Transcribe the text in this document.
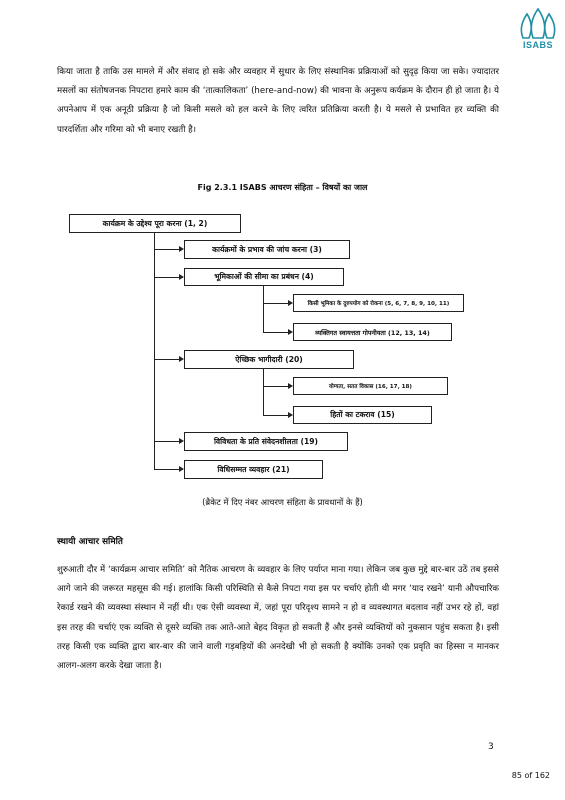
ISABS

किया जाता है ताकि उस मामले में और संवाद हो सके और व्यवहार में सुधार के लिए संस्थानिक प्रक्रियाओं को सुदृढ़ किया जा सके। ज्यादातर मसलों का संतोषजनक निपटारा हमारे काम की ‘तात्कालिकता’ (here-and-now) की भावना के अनुरूप कर्यक्रम के दौरान ही हो जाता है। ये अपनेआप में एक अनूठी प्रक्रिया है जो किसी मसले को हल करने के लिए त्वरित प्रतिक्रिया करती है। ये मसले से प्रभावित हर व्यक्ति की पारदर्शिता और गरिमा को भी बनाए रखती है।

Fig 2.3.1 ISABS आचरण संहिता – विषयों का जाल
कार्यक्रम के उद्देश्य पूरा करना (1, 2)
कार्यक्रमों के प्रभाव की जांच करना (3)
भूमिकाओं की सीमा का प्रबंधन (4)
किसी भूमिका के दुरुपयोग को रोकना (5, 6, 7, 8, 9, 10, 11)
व्यक्तिगत स्वायत्तता गोपनीयता (12, 13, 14)
ऐच्छिक भागीदारी (20)
योग्यता, सतत विकास (16, 17, 18)
हितों का टकराव (15)
विविधता के प्रति संवेदनशीलता (19)
विधिसम्मत व्यवहार (21)
(ब्रैकेट में दिए नंबर आचरण संहिता के प्रावधानों के हैं)
स्थायी आचार समिति

शुरुआती दौर में ‘कार्यक्रम आचार समिति’ को नैतिक आचरण के व्यवहार के लिए पर्याप्त माना गया। लेकिन जब कुछ मुद्दे बार-बार उठें तब इससे आगे जाने की जरूरत महसूस की गई। हालांकि किसी परिस्थिति से कैसे निपटा गया इस पर चर्चाएं होती थी मगर ‘याद रखने’ यानी औपचारिक रेकार्ड रखने की व्यवस्था संस्थान में नहीं थी। एक ऐसी व्यवस्था में, जहां पूरा परिदृश्य सामने न हो व व्यवस्थागत बदलाव नहीं उभर रहे हों, वहां इस तरह की चर्चाएं एक व्यक्ति से दूसरे व्यक्ति तक आते-आते बेहद विकृत हो सकती हैं और इनसे व्यक्तियों को नुकसान पहुंच सकता है। इसी तरह किसी एक व्यक्ति द्वारा बार-बार की जाने वाली गड़बड़ियों की अनदेखी भी हो सकती है क्योंकि उनको एक प्रवृति का हिस्सा न मानकर आलग-अलग करके देखा जाता है।

3
85 of 162
